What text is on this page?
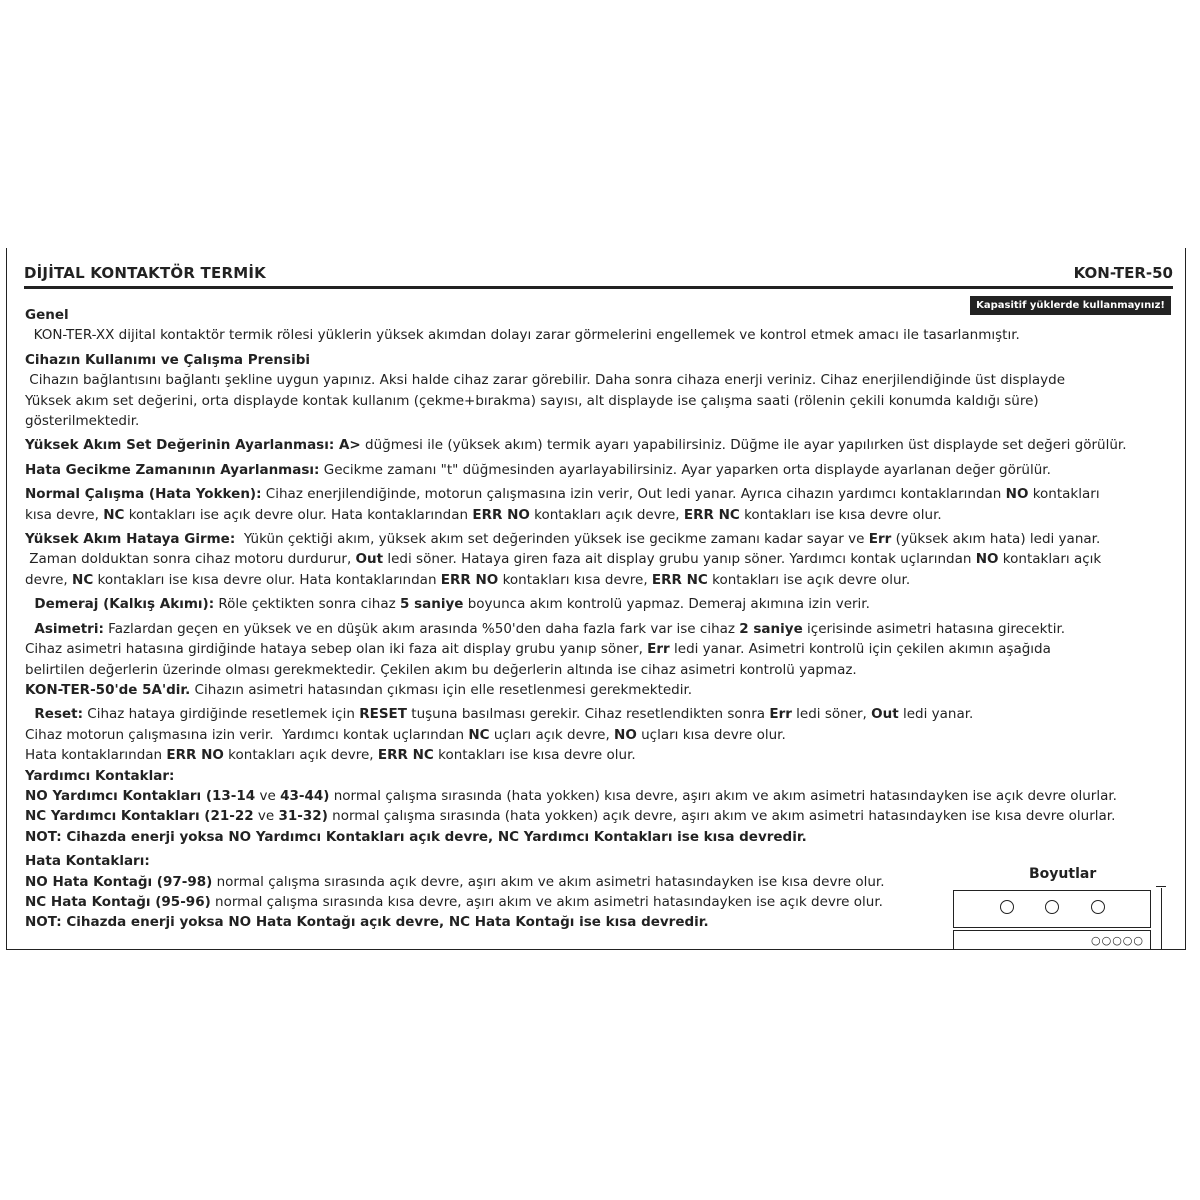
DİJİTAL KONTAKTÖR TERMİK	KON-TER-50
Kapasitif yüklerde kullanmayınız!
Genel
KON-TER-XX dijital kontaktör termik rölesi yüklerin yüksek akımdan dolayı zarar görmelerini engellemek ve kontrol etmek amacı ile tasarlanmıştır.
Cihazın Kullanımı ve Çalışma Prensibi
Cihazın bağlantısını bağlantı şekline uygun yapınız. Aksi halde cihaz zarar görebilir. Daha sonra cihaza enerji veriniz. Cihaz enerjilendiğinde üst displayde
Yüksek akım set değerini, orta displayde kontak kullanım (çekme+bırakma) sayısı, alt displayde ise çalışma saati (rölenin çekili konumda kaldığı süre)
gösterilmektedir.
Yüksek Akım Set Değerinin Ayarlanması: A> düğmesi ile (yüksek akım) termik ayarı yapabilirsiniz. Düğme ile ayar yapılırken üst displayde set değeri görülür.
Hata Gecikme Zamanının Ayarlanması: Gecikme zamanı "t" düğmesinden ayarlayabilirsiniz. Ayar yaparken orta displayde ayarlanan değer görülür.
Normal Çalışma (Hata Yokken): Cihaz enerjilendiğinde, motorun çalışmasına izin verir, Out ledi yanar. Ayrıca cihazın yardımcı kontaklarından NO kontakları
kısa devre, NC kontakları ise açık devre olur. Hata kontaklarından ERR NO kontakları açık devre, ERR NC kontakları ise kısa devre olur.
Yüksek Akım Hataya Girme:  Yükün çektiği akım, yüksek akım set değerinden yüksek ise gecikme zamanı kadar sayar ve Err (yüksek akım hata) ledi yanar.
Zaman dolduktan sonra cihaz motoru durdurur, Out ledi söner. Hataya giren faza ait display grubu yanıp söner. Yardımcı kontak uçlarından NO kontakları açık
devre, NC kontakları ise kısa devre olur. Hata kontaklarından ERR NO kontakları kısa devre, ERR NC kontakları ise açık devre olur.
Demeraj (Kalkış Akımı): Röle çektikten sonra cihaz 5 saniye boyunca akım kontrolü yapmaz. Demeraj akımına izin verir.
Asimetri: Fazlardan geçen en yüksek ve en düşük akım arasında %50'den daha fazla fark var ise cihaz 2 saniye içerisinde asimetri hatasına girecektir.
Cihaz asimetri hatasına girdiğinde hataya sebep olan iki faza ait display grubu yanıp söner, Err ledi yanar. Asimetri kontrolü için çekilen akımın aşağıda
belirtilen değerlerin üzerinde olması gerekmektedir. Çekilen akım bu değerlerin altında ise cihaz asimetri kontrolü yapmaz.
KON-TER-50'de 5A'dir. Cihazın asimetri hatasından çıkması için elle resetlenmesi gerekmektedir.
Reset: Cihaz hataya girdiğinde resetlemek için RESET tuşuna basılması gerekir. Cihaz resetlendikten sonra Err ledi söner, Out ledi yanar.
Cihaz motorun çalışmasına izin verir.  Yardımcı kontak uçlarından NC uçları açık devre, NO uçları kısa devre olur.
Hata kontaklarından ERR NO kontakları açık devre, ERR NC kontakları ise kısa devre olur.
Yardımcı Kontaklar:
NO Yardımcı Kontakları (13-14 ve 43-44) normal çalışma sırasında (hata yokken) kısa devre, aşırı akım ve akım asimetri hatasındayken ise açık devre olurlar.
NC Yardımcı Kontakları (21-22 ve 31-32) normal çalışma sırasında (hata yokken) açık devre, aşırı akım ve akım asimetri hatasındayken ise kısa devre olurlar.
NOT: Cihazda enerji yoksa NO Yardımcı Kontakları açık devre, NC Yardımcı Kontakları ise kısa devredir.
Hata Kontakları:
NO Hata Kontağı (97-98) normal çalışma sırasında açık devre, aşırı akım ve akım asimetri hatasındayken ise kısa devre olur.
NC Hata Kontağı (95-96) normal çalışma sırasında kısa devre, aşırı akım ve akım asimetri hatasındayken ise açık devre olur.
NOT: Cihazda enerji yoksa NO Hata Kontağı açık devre, NC Hata Kontağı ise kısa devredir.
Boyutlar
○○○○○
